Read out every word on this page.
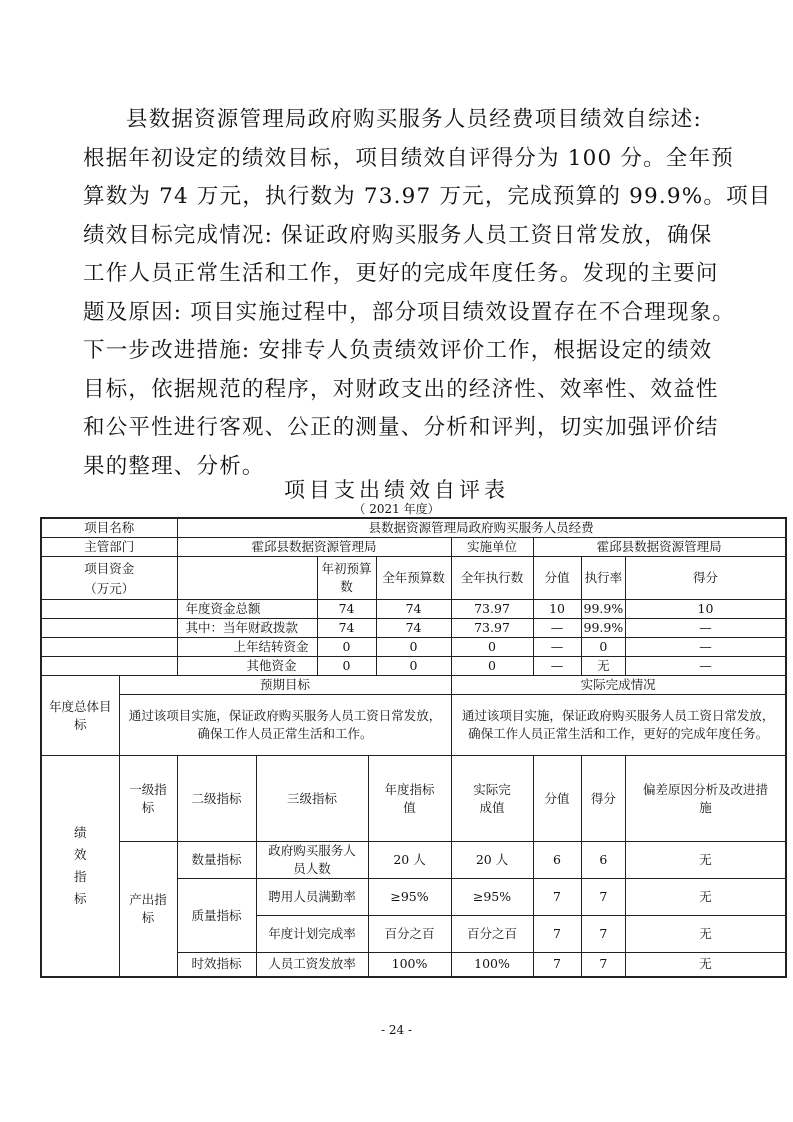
县数据资源管理局政府购买服务人员经费项目绩效自综述:
根据年初设定的绩效目标，项目绩效自评得分为 100 分。全年预
算数为 74 万元，执行数为 73.97 万元，完成预算的 99.9%。项目
绩效目标完成情况: 保证政府购买服务人员工资日常发放，确保
工作人员正常生活和工作，更好的完成年度任务。发现的主要问
题及原因: 项目实施过程中，部分项目绩效设置存在不合理现象。
下一步改进措施: 安排专人负责绩效评价工作，根据设定的绩效
目标，依据规范的程序，对财政支出的经济性、效率性、效益性
和公平性进行客观、公正的测量、分析和评判，切实加强评价结
果的整理、分析。
项目支出绩效自评表
（ 2021 年度）
项目名称		县数据资源管理局政府购买服务人员经费								
主管部门		霍邱县数据资源管理局					实施单位	霍邱县数据资源管理局		
项目资金
（万元）				年初预算数		全年预算数	全年执行数	分值	执行率	得分
		年度资金总额		74		74	73.97	10	99.9%	10
		其中：当年财政拨款		74		74	73.97	—	99.9%	—
		上年结转资金		0		0	0	—	0	—
		其他资金		0		0	0	—	无	—
年度总体目标	预期目标						实际完成情况			
	通过该项目实施，保证政府购买服务人员工资日常发放，确保工作人员正常生活和工作。						通过该项目实施，保证政府购买服务人员工资日常发放，确保工作人员正常生活和工作，更好的完成年度任务。			
绩效指标	一级指标	二级指标	三级指标		年度指标值		实际完成值	分值	得分	偏差原因分析及改进措施
	产出指标	数量指标	政府购买服务人员人数		20 人		20 人	6	6	无
		质量指标	聘用人员满勤率		≥95%		≥95%	7	7	无
			年度计划完成率		百分之百		百分之百	7	7	无
		时效指标	人员工资发放率		100%		100%	7	7	无
- 24 -
